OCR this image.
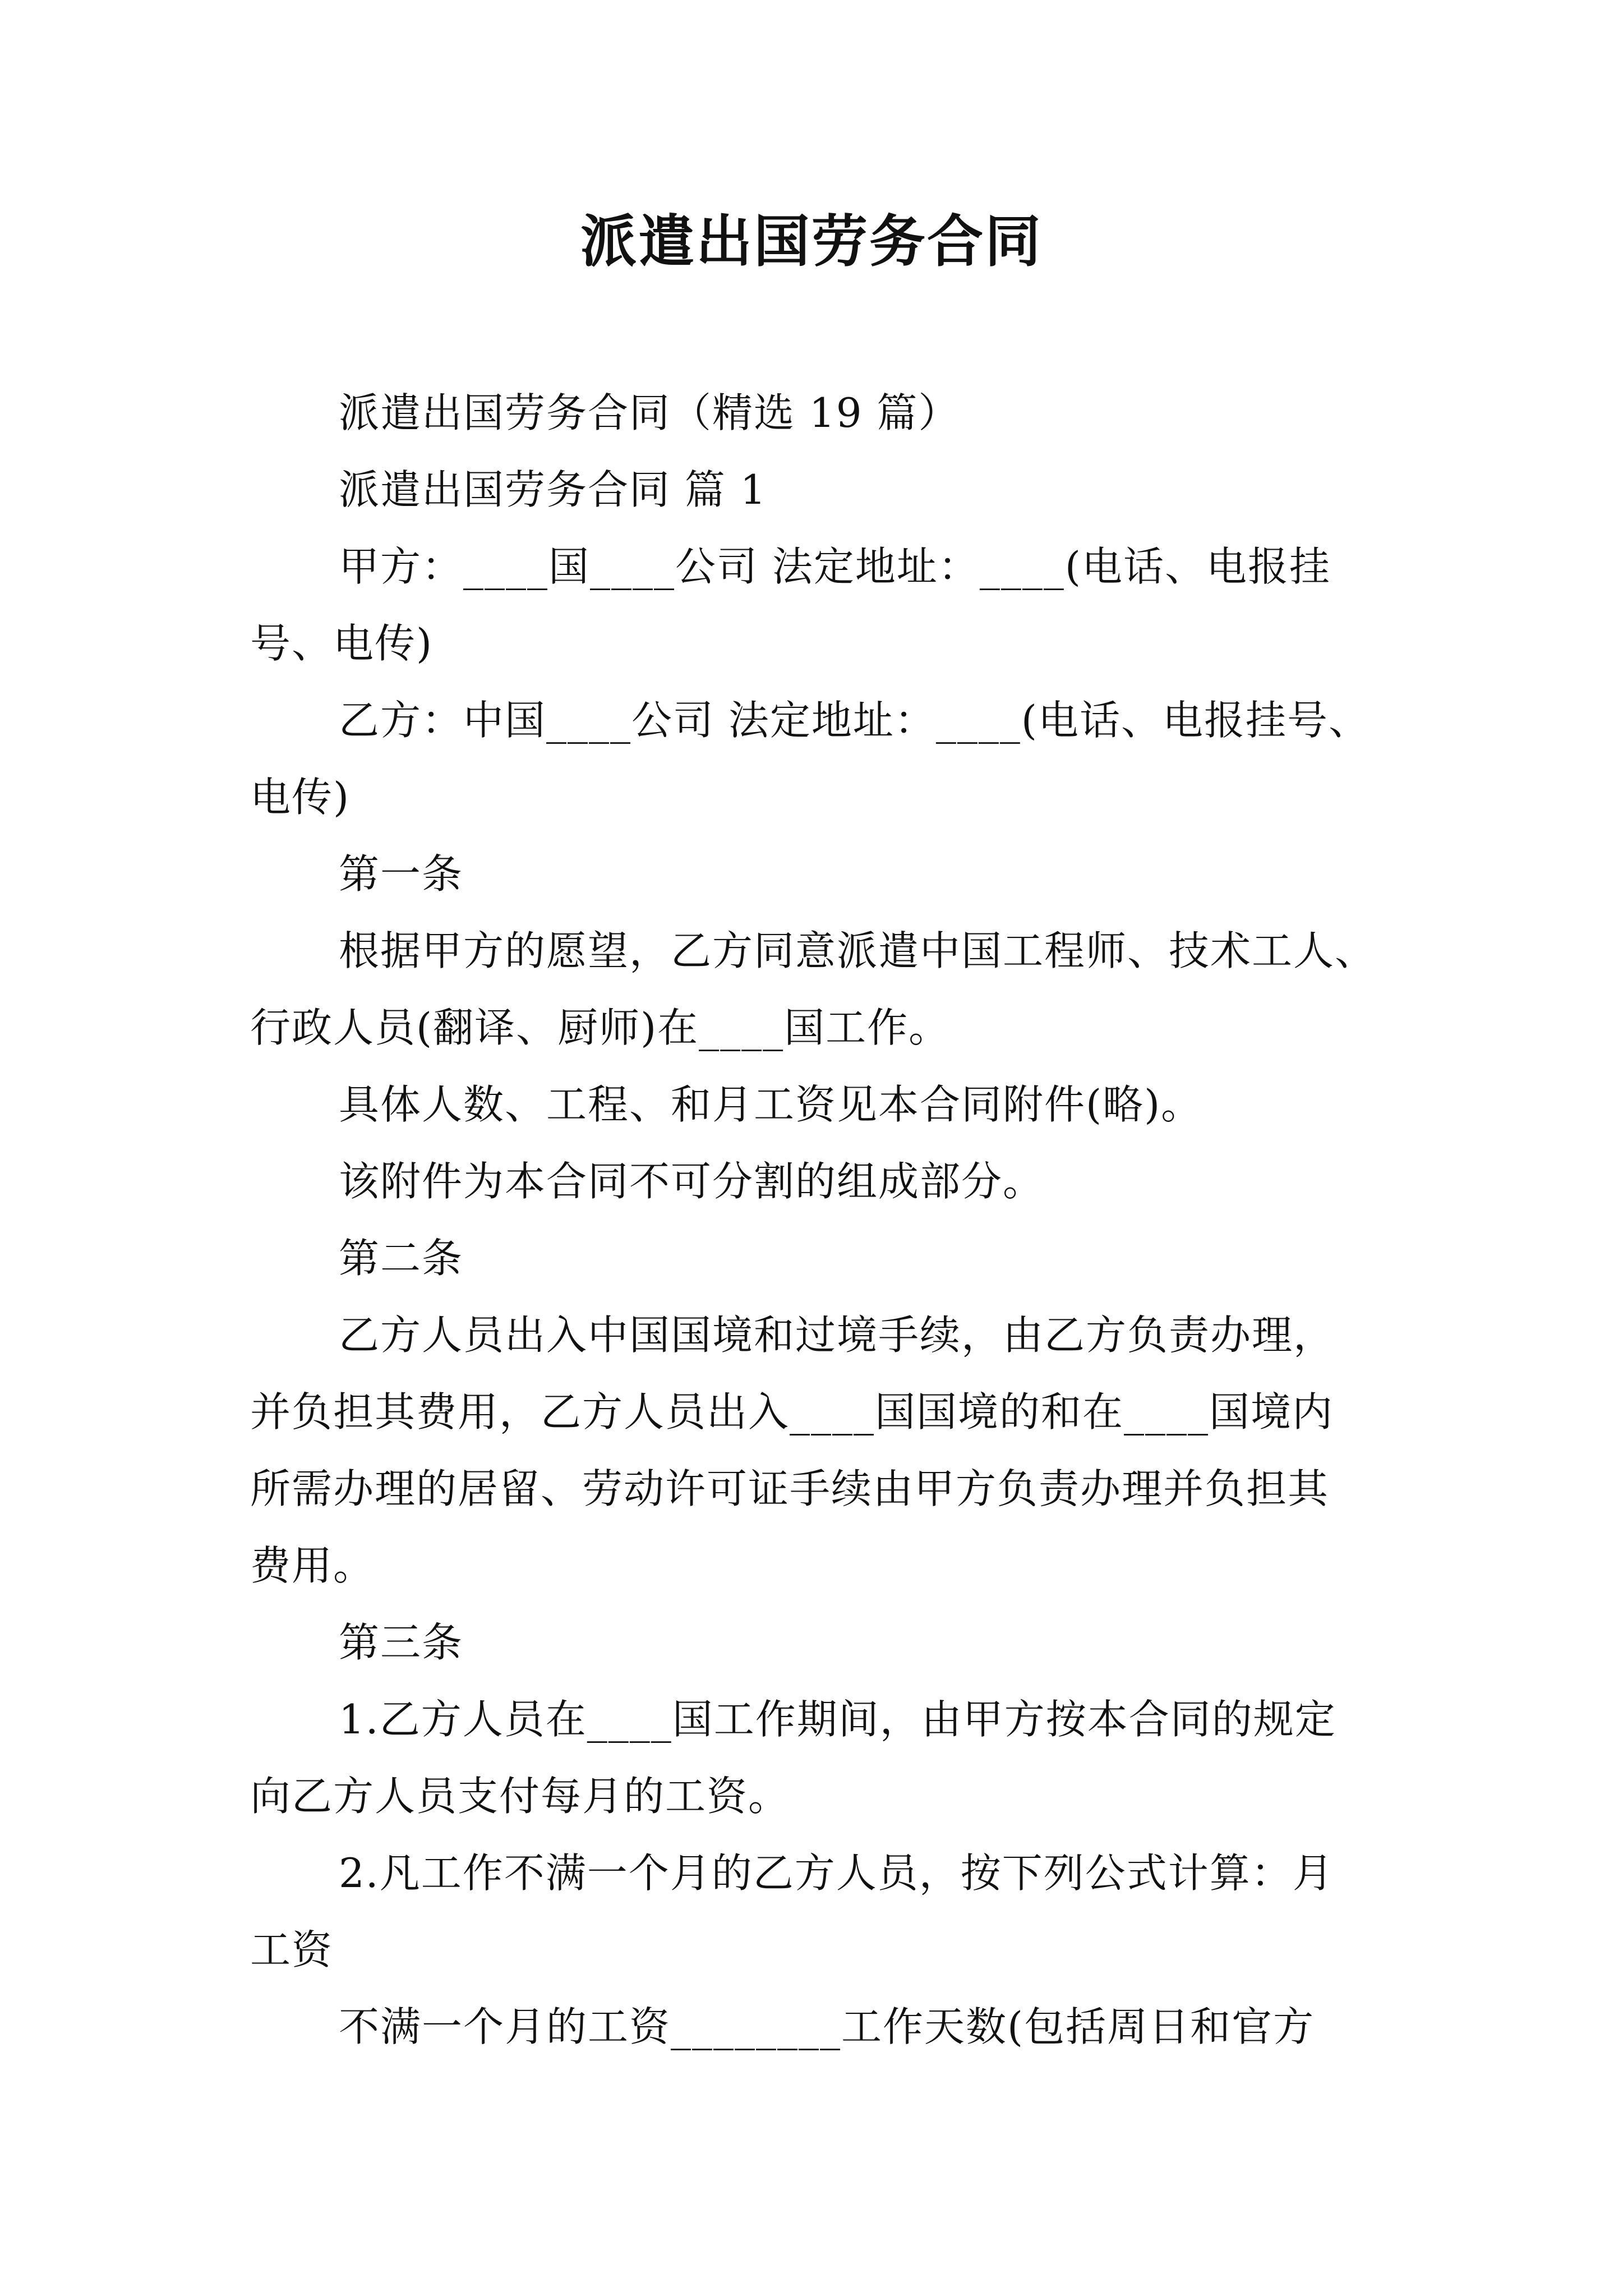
派遣出国劳务合同
派遣出国劳务合同（精选 19 篇）
派遣出国劳务合同 篇 1
甲方：____国____公司 法定地址：____(电话、电报挂
号、电传)
乙方：中国____公司 法定地址：____(电话、电报挂号、
电传)
第一条
根据甲方的愿望，乙方同意派遣中国工程师、技术工人、
行政人员(翻译、厨师)在____国工作。
具体人数、工程、和月工资见本合同附件(略)。
该附件为本合同不可分割的组成部分。
第二条
乙方人员出入中国国境和过境手续，由乙方负责办理，
并负担其费用，乙方人员出入____国国境的和在____国境内
所需办理的居留、劳动许可证手续由甲方负责办理并负担其
费用。
第三条
1.乙方人员在____国工作期间，由甲方按本合同的规定
向乙方人员支付每月的工资。
2.凡工作不满一个月的乙方人员，按下列公式计算：月
工资
不满一个月的工资________工作天数(包括周日和官方
